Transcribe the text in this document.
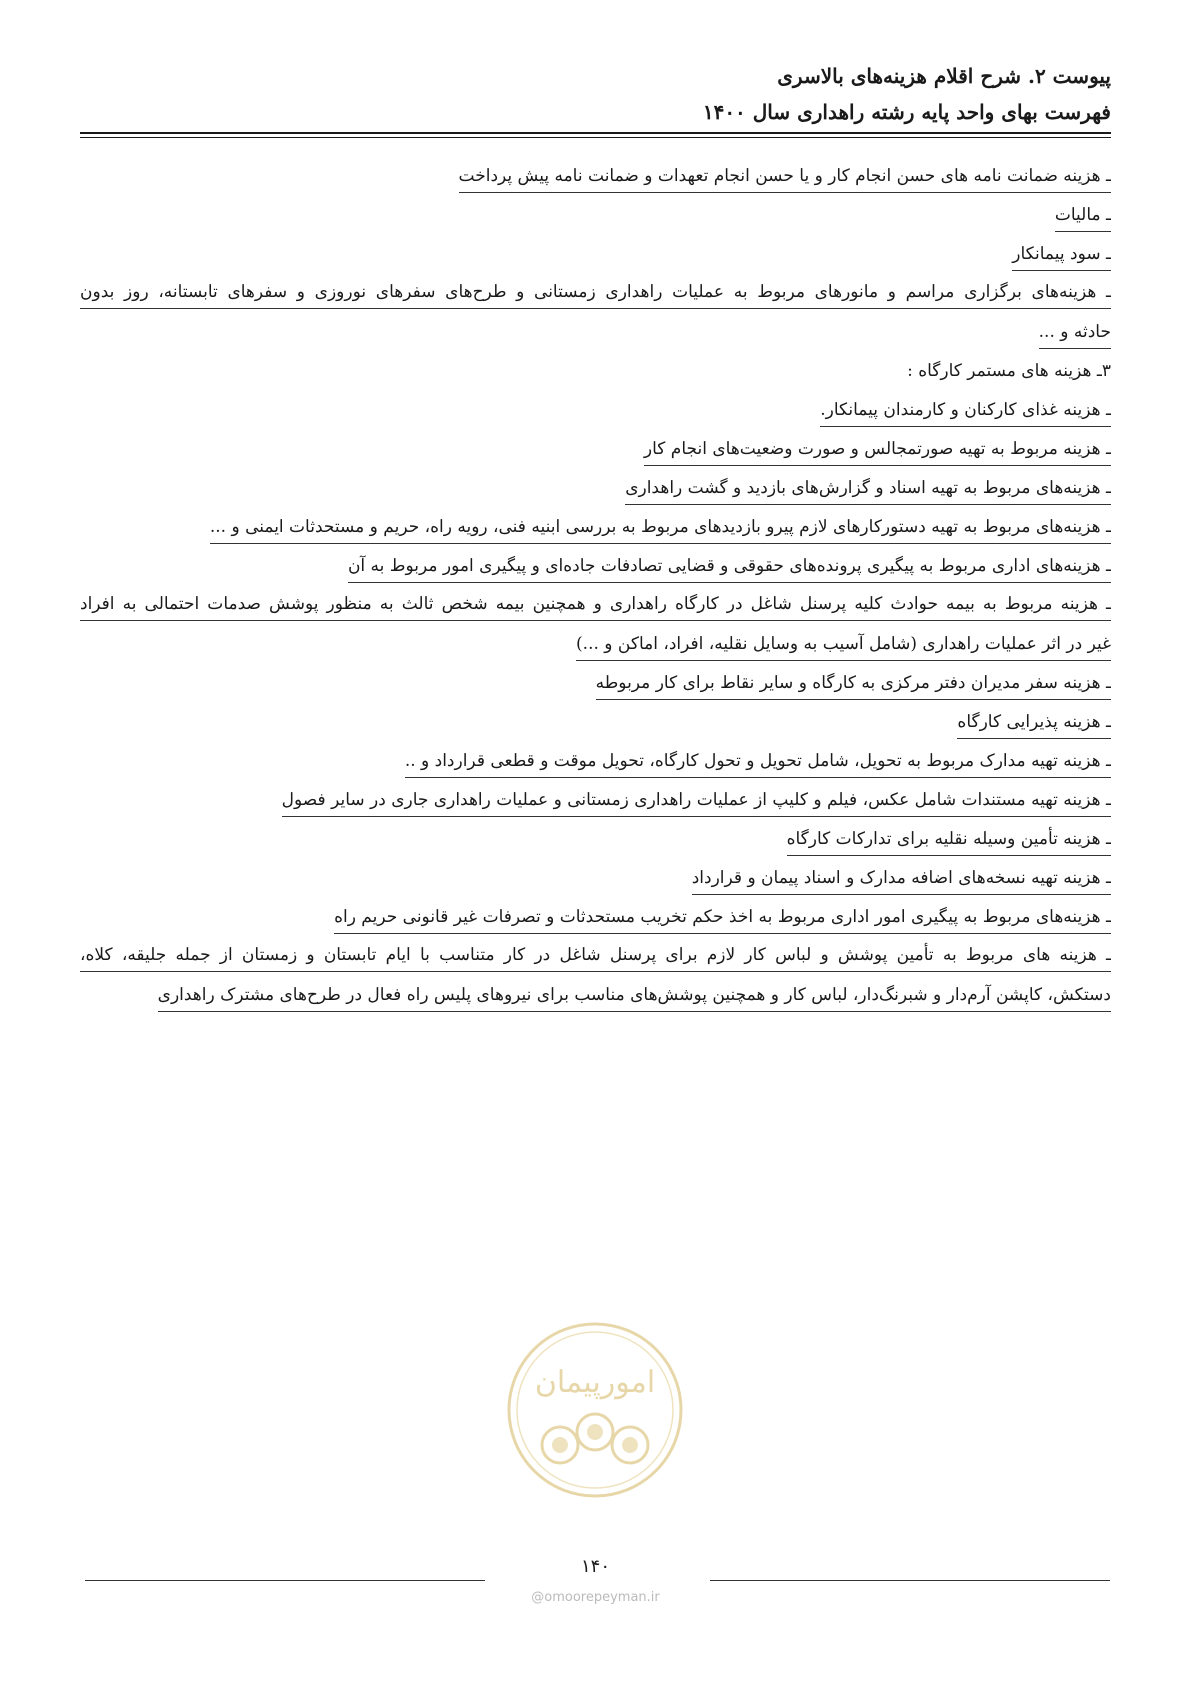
پیوست ۲. شرح اقلام هزینه‌های بالاسری
فهرست بهای واحد پایه رشته راهداری سال ۱۴۰۰
ـ هزینه ضمانت نامه های حسن انجام کار و یا حسن انجام تعهدات و ضمانت نامه پیش پرداخت
ـ مالیات
ـ سود پیمانکار
ـ هزینه‌های برگزاری مراسم و مانورهای مربوط به عملیات راهداری زمستانی و طرح‌های سفرهای نوروزی و سفرهای تابستانه، روز بدون
حادثه و ...
۳ـ هزینه های مستمر کارگاه :
ـ هزینه غذای کارکنان و کارمندان پیمانکار.
ـ هزینه مربوط به تهیه صورتمجالس و صورت وضعیت‌های انجام کار
ـ هزینه‌های مربوط به تهیه اسناد و گزارش‌های بازدید و گشت راهداری
ـ هزینه‌های مربوط به تهیه دستورکارهای لازم پیرو بازدیدهای مربوط به بررسی ابنیه فنی، رویه راه، حریم و مستحدثات ایمنی و ...
ـ هزینه‌های اداری مربوط به پیگیری پرونده‌های حقوقی و قضایی تصادفات جاده‌ای و پیگیری امور مربوط به آن
ـ هزینه مربوط به بیمه حوادث کلیه پرسنل شاغل در کارگاه راهداری و همچنین بیمه شخص ثالث به منظور پوشش صدمات احتمالی به افراد
غیر در اثر عملیات راهداری (شامل آسیب به وسایل نقلیه، افراد، اماکن و ...)
ـ هزینه سفر مدیران دفتر مرکزی به کارگاه و سایر نقاط برای کار مربوطه
ـ هزینه پذیرایی کارگاه
ـ هزینه تهیه مدارک مربوط به تحویل، شامل تحویل و تحول کارگاه، تحویل موقت و قطعی قرارداد و ..
ـ هزینه تهیه مستندات شامل عکس، فیلم و کلیپ از عملیات راهداری زمستانی و عملیات راهداری جاری در سایر فصول
ـ هزینه تأمین وسیله نقلیه برای تدارکات کارگاه
ـ هزینه تهیه نسخه‌های اضافه مدارک و اسناد پیمان و قرارداد
ـ هزینه‌های مربوط به پیگیری امور اداری مربوط به اخذ حکم تخریب مستحدثات و تصرفات غیر قانونی حریم راه
ـ هزینه های مربوط به تأمین پوشش و لباس کار لازم برای پرسنل شاغل در کار متناسب با ایام تابستان و زمستان از جمله جلیقه، کلاه،
دستکش، کاپشن آرم‌دار و شبرنگ‌دار، لباس کار و همچنین پوشش‌های مناسب برای نیروهای پلیس راه فعال در طرح‌های مشترک راهداری
امورپیمان
۱۴۰
@omoorepeyman.ir
